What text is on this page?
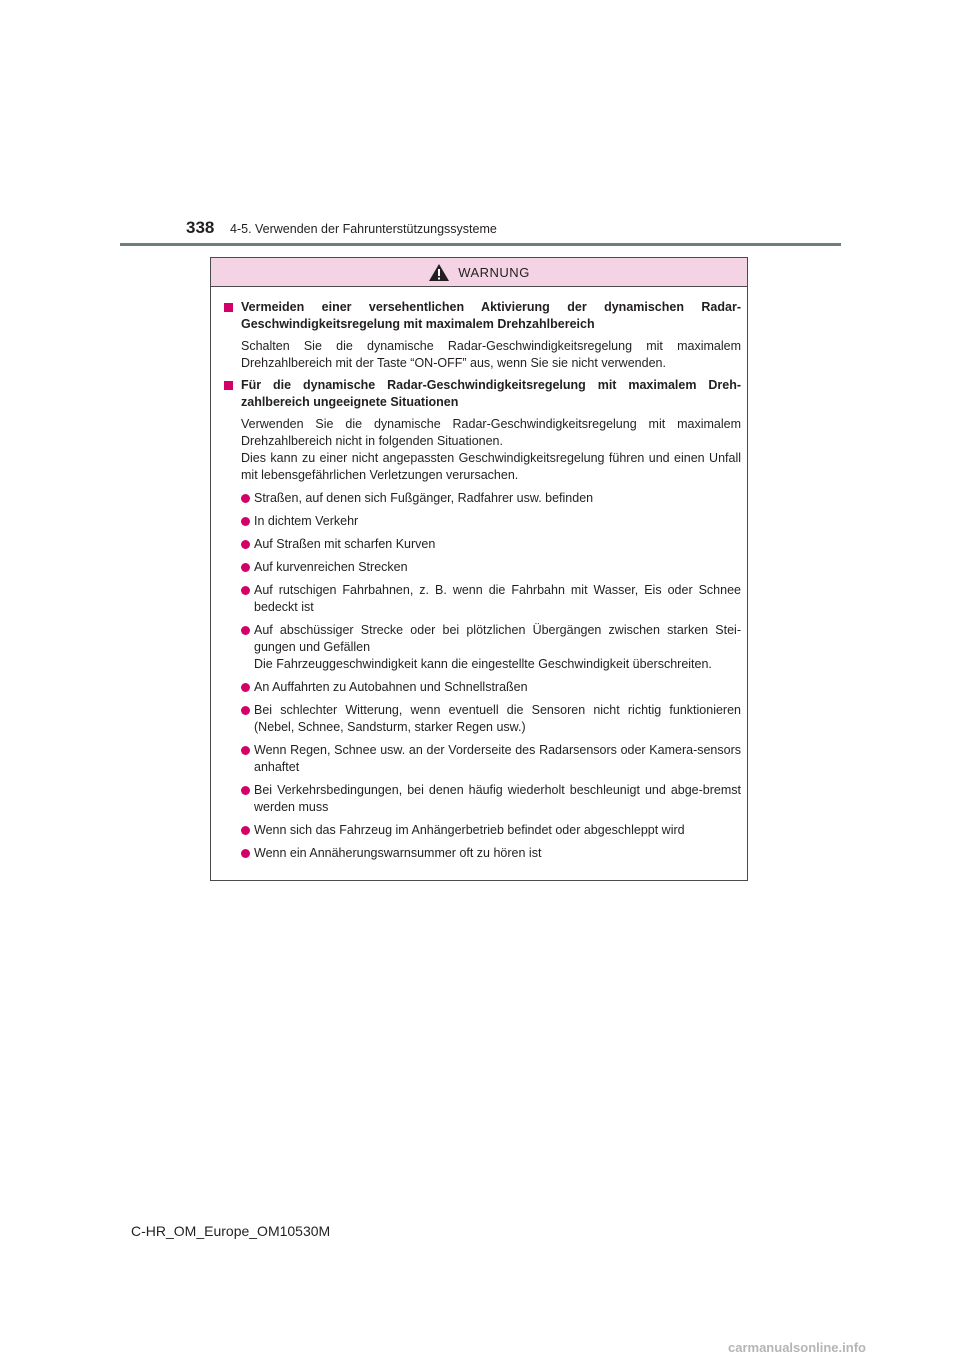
338 4-5. Verwenden der Fahrunterstützungssysteme
WARNUNG
Vermeiden einer versehentlichen Aktivierung der dynamischen Radar-Geschwindigkeitsregelung mit maximalem Drehzahlbereich

Schalten Sie die dynamische Radar-Geschwindigkeitsregelung mit maximalem Drehzahlbereich mit der Taste “ON-OFF” aus, wenn Sie sie nicht verwenden.

Für die dynamische Radar-Geschwindigkeitsregelung mit maximalem Dreh-zahlbereich ungeeignete Situationen

Verwenden Sie die dynamische Radar-Geschwindigkeitsregelung mit maximalem Drehzahlbereich nicht in folgenden Situationen.

Dies kann zu einer nicht angepassten Geschwindigkeitsregelung führen und einen Unfall mit lebensgefährlichen Verletzungen verursachen.

Straßen, auf denen sich Fußgänger, Radfahrer usw. befinden

In dichtem Verkehr

Auf Straßen mit scharfen Kurven

Auf kurvenreichen Strecken

Auf rutschigen Fahrbahnen, z. B. wenn die Fahrbahn mit Wasser, Eis oder Schnee bedeckt ist

Auf abschüssiger Strecke oder bei plötzlichen Übergängen zwischen starken Stei-gungen und Gefällen

Die Fahrzeuggeschwindigkeit kann die eingestellte Geschwindigkeit überschreiten.

An Auffahrten zu Autobahnen und Schnellstraßen

Bei schlechter Witterung, wenn eventuell die Sensoren nicht richtig funktionieren (Nebel, Schnee, Sandsturm, starker Regen usw.)

Wenn Regen, Schnee usw. an der Vorderseite des Radarsensors oder Kamera-sensors anhaftet

Bei Verkehrsbedingungen, bei denen häufig wiederholt beschleunigt und abge-bremst werden muss

Wenn sich das Fahrzeug im Anhängerbetrieb befindet oder abgeschleppt wird

Wenn ein Annäherungswarnsummer oft zu hören ist

C-HR_OM_Europe_OM10530M
carmanualsonline.info
